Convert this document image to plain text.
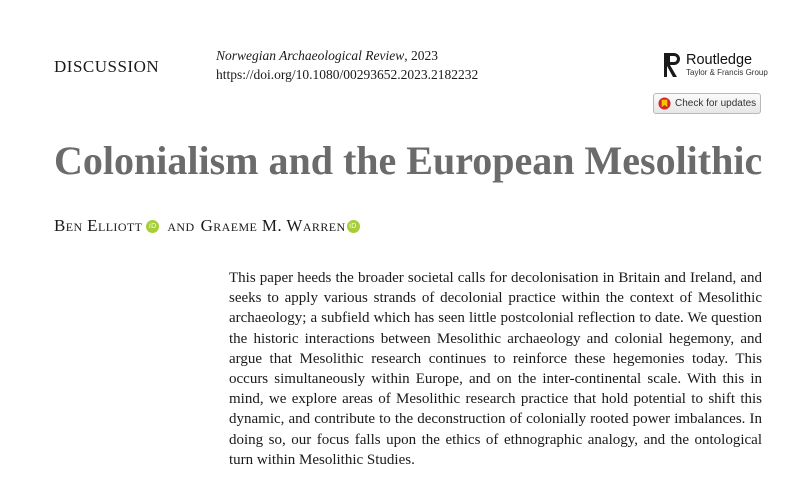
DISCUSSION
Norwegian Archaeological Review, 2023
https://doi.org/10.1080/00293652.2023.2182232
Routledge
Taylor & Francis Group
Check for updates
Colonialism and the European Mesolithic
Ben Elliott iD and Graeme M. Warren iD

This paper heeds the broader societal calls for decolonisation in Britain and Ireland, and seeks to apply various strands of decolonial practice within the context of Mesolithic archaeology; a subfield which has seen little postcolonial reflection to date. We question the historic interactions between Mesolithic archaeology and colonial hegemony, and argue that Mesolithic research continues to reinforce these hegemonies today. This occurs simultaneously within Europe, and on the inter-continental scale. With this in mind, we explore areas of Mesolithic research practice that hold potential to shift this dynamic, and contribute to the deconstruction of colonially rooted power imbalances. In doing so, our focus falls upon the ethics of ethnographic analogy, and the ontological turn within Mesolithic Studies.
